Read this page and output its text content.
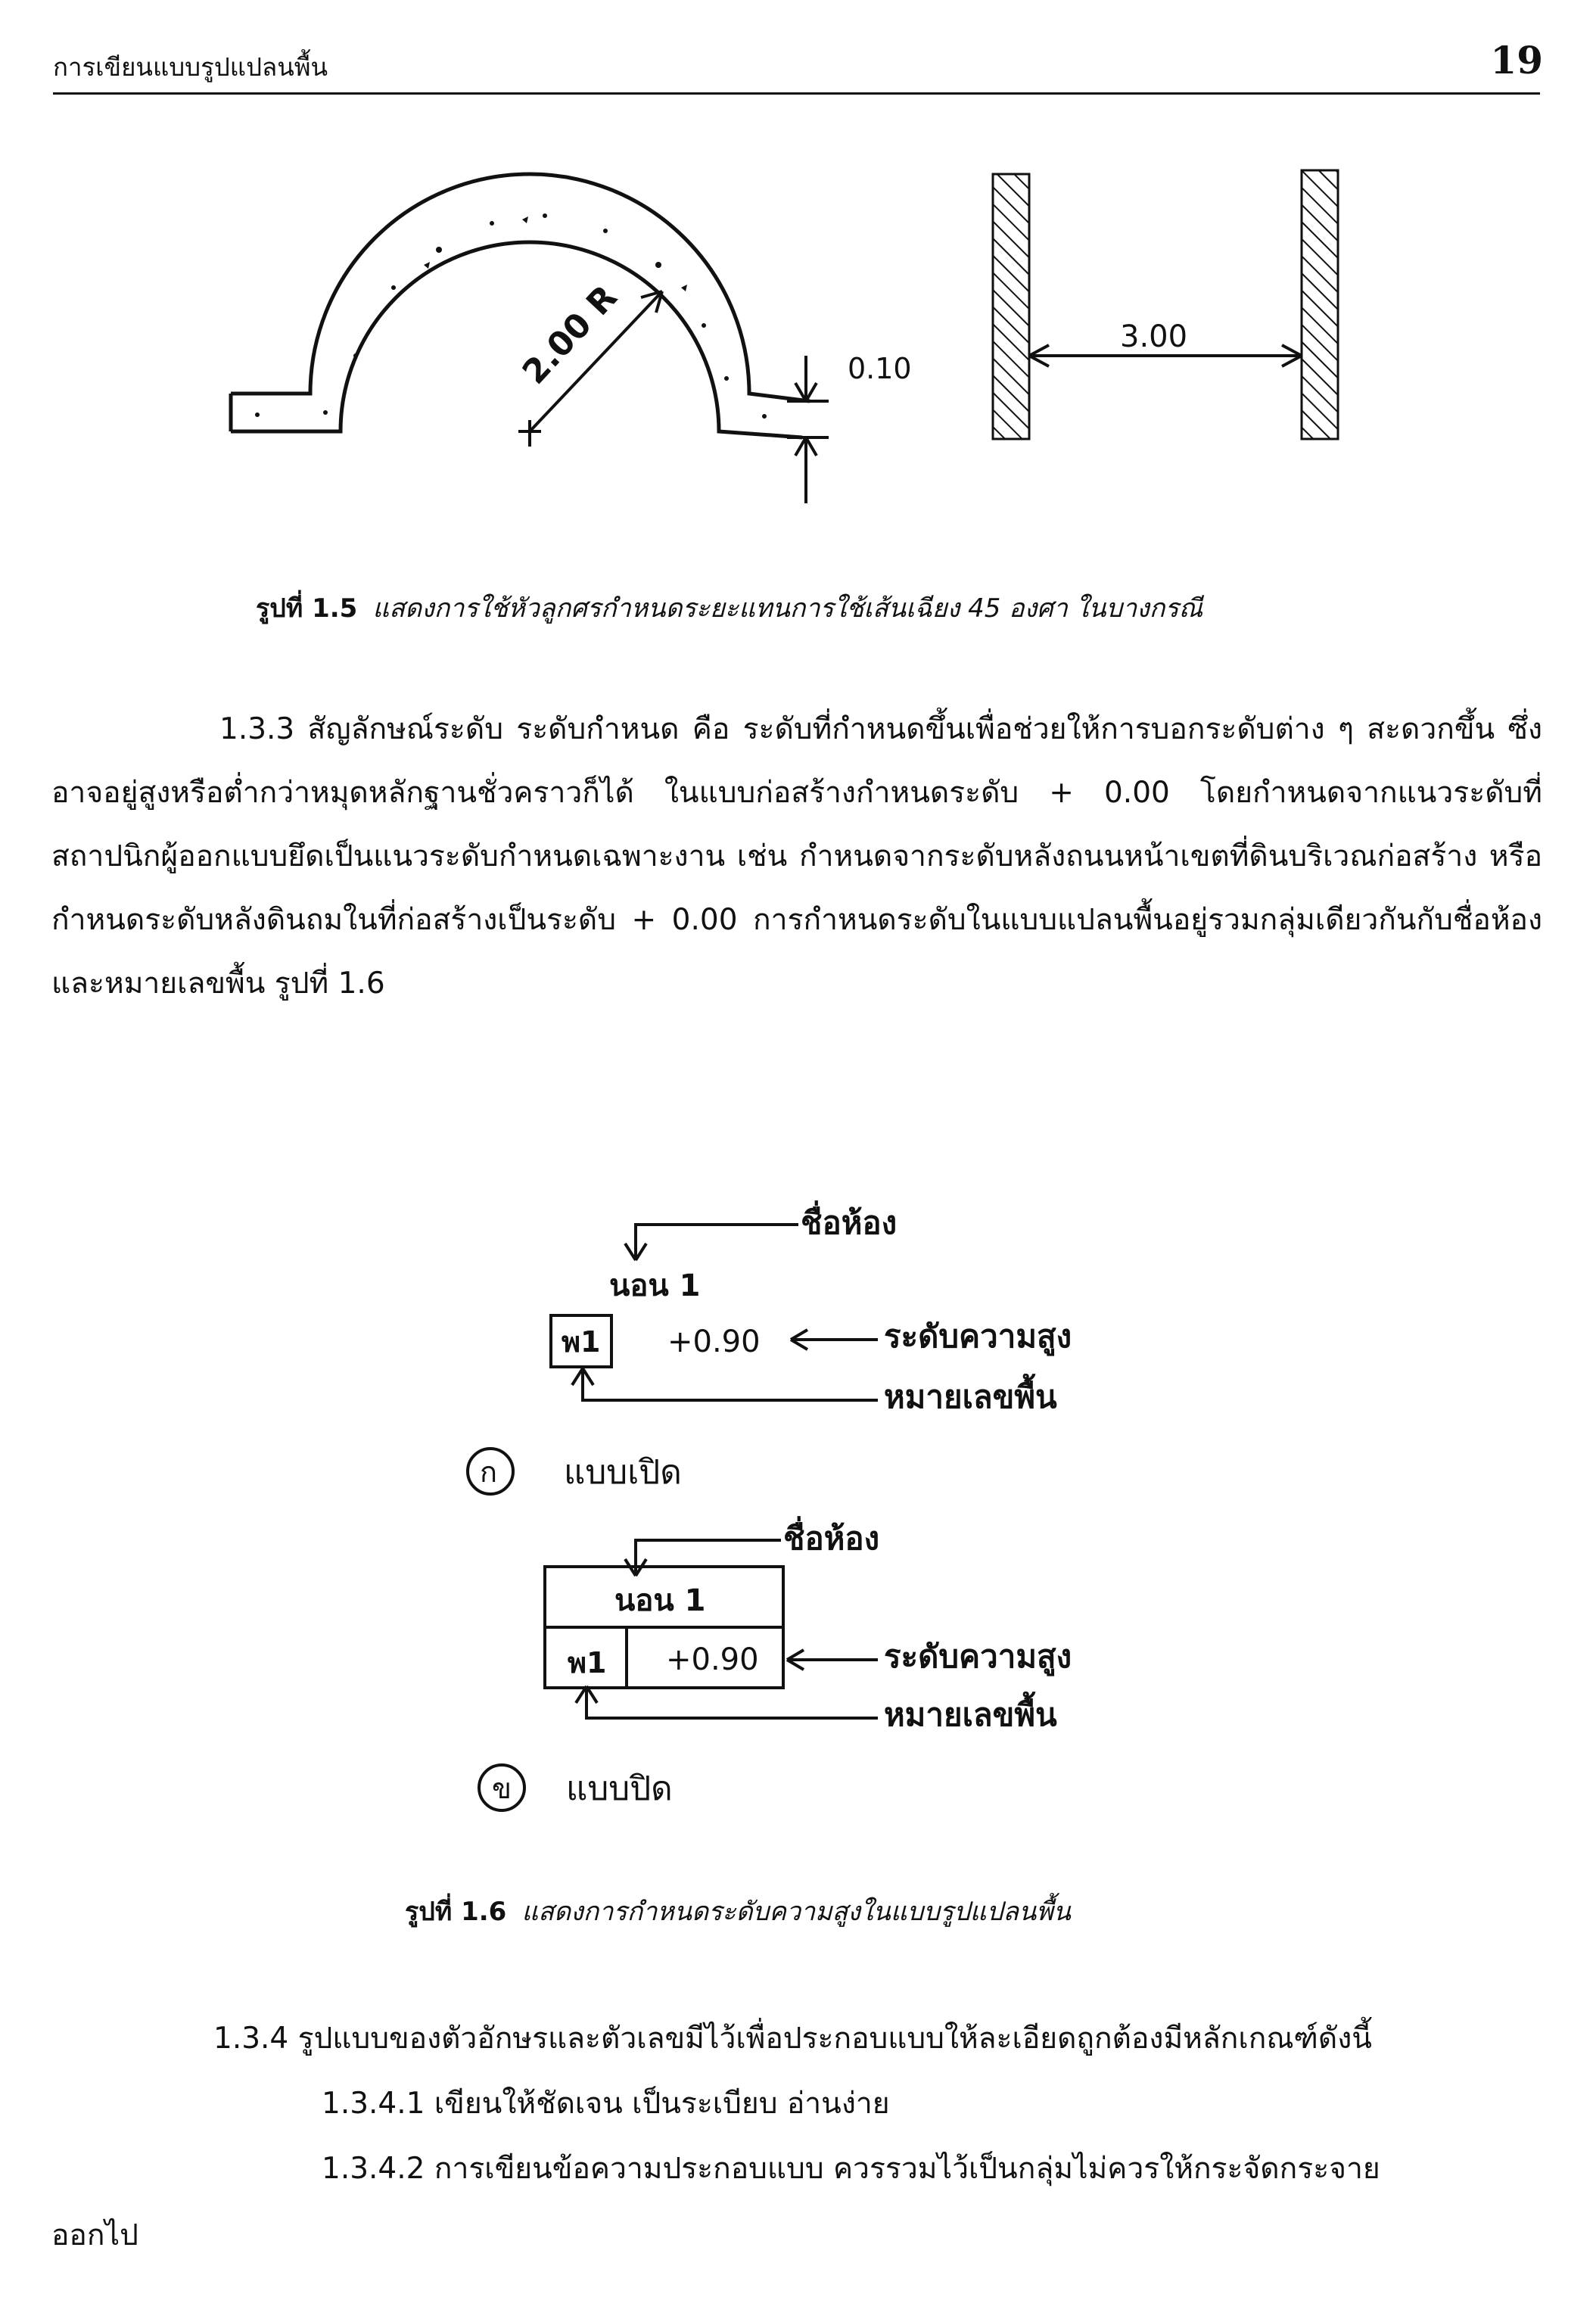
การเขียนแบบรูปแปลนพื้น	19
2.00 R	0.10
3.00
รูปที่ 1.5 แสดงการใช้หัวลูกศรกำหนดระยะแทนการใช้เส้นเฉียง 45 องศา ในบางกรณี
1.3.3 สัญลักษณ์ระดับ ระดับกำหนด คือ ระดับที่กำหนดขึ้นเพื่อช่วยให้การบอกระดับต่าง ๆ สะดวกขึ้น ซึ่งอาจอยู่สูงหรือต่ำกว่าหมุดหลักฐานชั่วคราวก็ได้ ในแบบก่อสร้างกำหนดระดับ + 0.00 โดยกำหนดจากแนวระดับที่สถาปนิกผู้ออกแบบยึดเป็นแนวระดับกำหนดเฉพาะงาน เช่น กำหนดจากระดับหลังถนนหน้าเขตที่ดินบริเวณก่อสร้าง หรือกำหนดระดับหลังดินถมในที่ก่อสร้างเป็นระดับ + 0.00 การกำหนดระดับในแบบแปลนพื้นอยู่รวมกลุ่มเดียวกันกับชื่อห้อง และหมายเลขพื้น รูปที่ 1.6
ชื่อห้อง
นอน 1
พ1 +0.90	ระดับความสูง
หมายเลขพื้น
ก แบบเปิด
ชื่อห้อง
นอน 1
พ1 +0.90	ระดับความสูง
หมายเลขพื้น
ข แบบปิด
รูปที่ 1.6 แสดงการกำหนดระดับความสูงในแบบรูปแปลนพื้น
1.3.4 รูปแบบของตัวอักษรและตัวเลขมีไว้เพื่อประกอบแบบให้ละเอียดถูกต้องมีหลักเกณฑ์ดังนี้
1.3.4.1 เขียนให้ชัดเจน เป็นระเบียบ อ่านง่าย
1.3.4.2 การเขียนข้อความประกอบแบบ ควรรวมไว้เป็นกลุ่มไม่ควรให้กระจัดกระจาย
ออกไป
